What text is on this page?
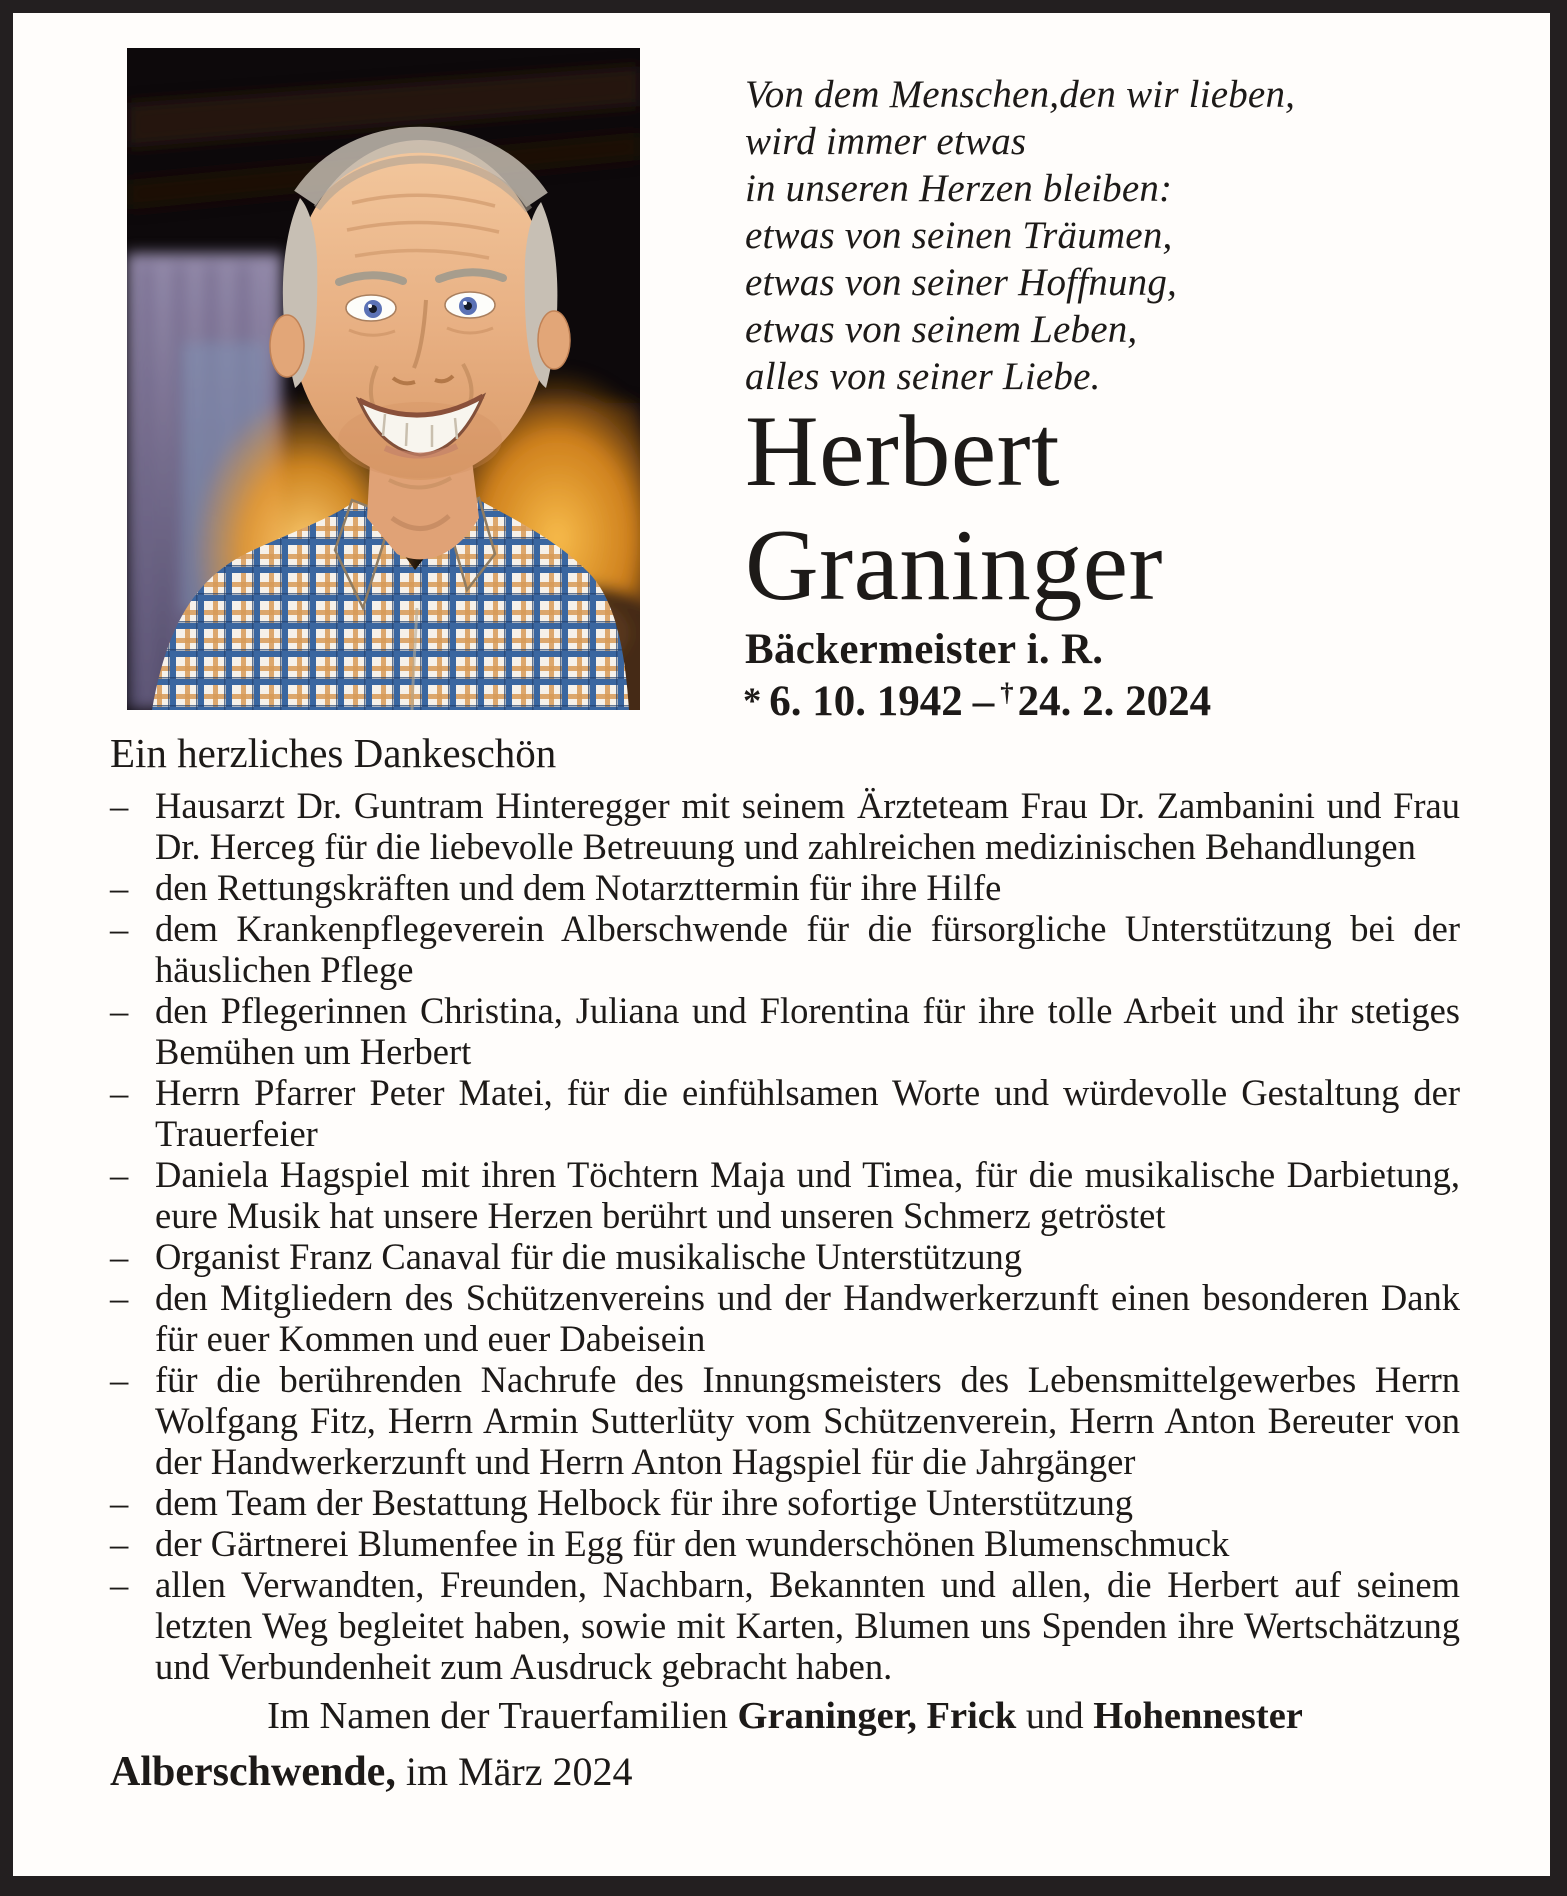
Von dem Menschen,den wir lieben,
wird immer etwas
in unseren Herzen bleiben:
etwas von seinen Träumen,
etwas von seiner Hoffnung,
etwas von seinem Leben,
alles von seiner Liebe.
Herbert
Graninger
Bäckermeister i. R.
* 6. 10. 1942 – †24. 2. 2024
Ein herzliches Dankeschön
– Hausarzt Dr. Guntram Hinteregger mit seinem Ärzteteam Frau Dr. Zambanini und Frau Dr. Herceg für die liebevolle Betreuung und zahlreichen medizinischen Behandlungen
– den Rettungskräften und dem Notarzttermin für ihre Hilfe
– dem Krankenpflegeverein Alberschwende für die fürsorgliche Unterstützung bei der häuslichen Pflege
– den Pflegerinnen Christina, Juliana und Florentina für ihre tolle Arbeit und ihr stetiges Bemühen um Herbert
– Herrn Pfarrer Peter Matei, für die einfühlsamen Worte und würdevolle Gestaltung der Trauerfeier
– Daniela Hagspiel mit ihren Töchtern Maja und Timea, für die musikalische Darbietung, eure Musik hat unsere Herzen berührt und unseren Schmerz getröstet
– Organist Franz Canaval für die musikalische Unterstützung
– den Mitgliedern des Schützenvereins und der Handwerkerzunft einen besonderen Dank für euer Kommen und euer Dabeisein
– für die berührenden Nachrufe des Innungsmeisters des Lebensmittelgewerbes Herrn Wolfgang Fitz, Herrn Armin Sutterlüty vom Schützenverein, Herrn Anton Bereuter von der Handwerkerzunft und Herrn Anton Hagspiel für die Jahrgänger
– dem Team der Bestattung Helbock für ihre sofortige Unterstützung
– der Gärtnerei Blumenfee in Egg für den wunderschönen Blumenschmuck
– allen Verwandten, Freunden, Nachbarn, Bekannten und allen, die Herbert auf seinem letzten Weg begleitet haben, sowie mit Karten, Blumen uns Spenden ihre Wertschätzung und Verbundenheit zum Ausdruck gebracht haben.
Im Namen der Trauerfamilien Graninger, Frick und Hohennester
Alberschwende, im März 2024
